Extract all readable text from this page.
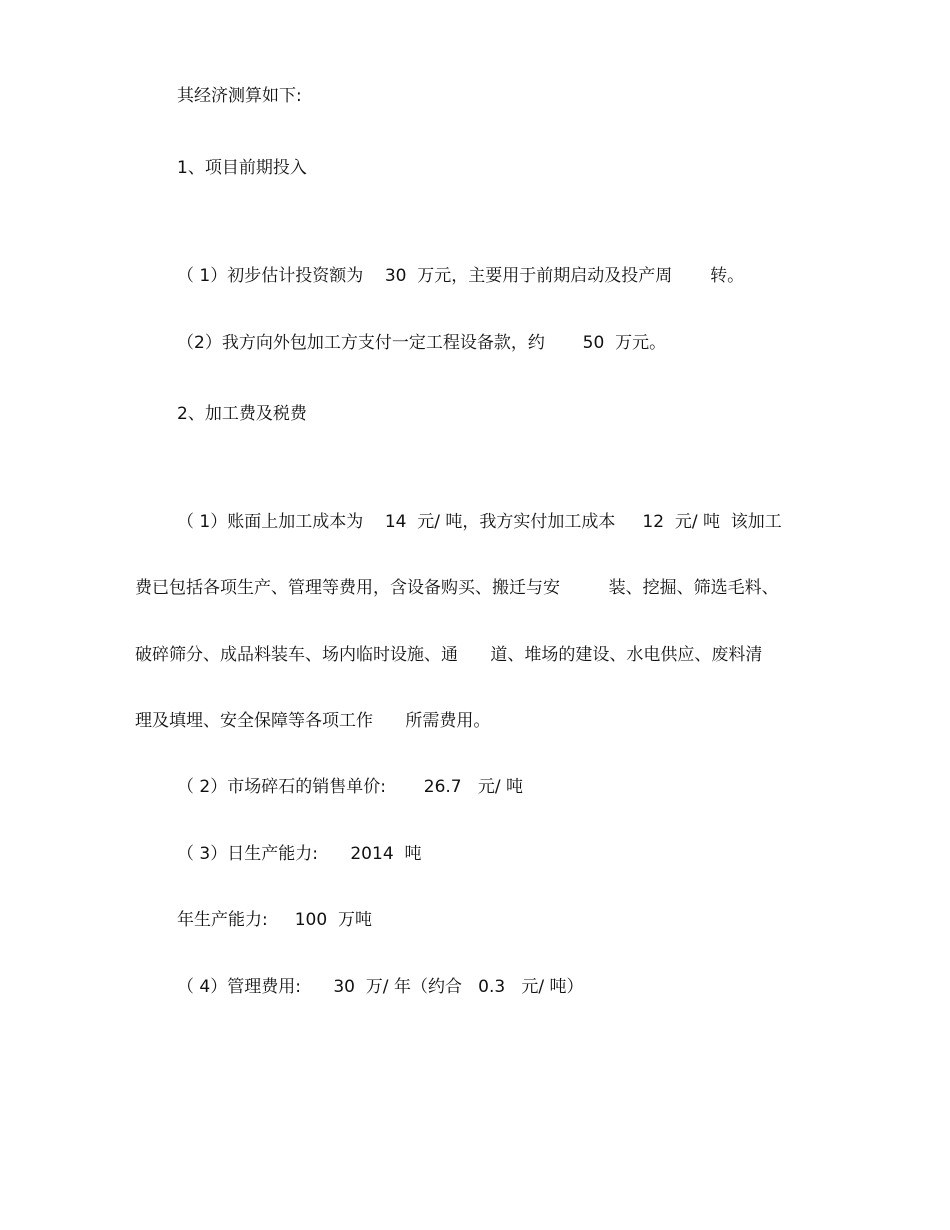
其经济测算如下:
1、项目前期投入
（ 1）初步估计投资额为    30  万元，主要用于前期启动及投产周       转。
（2）我方向外包加工方支付一定工程设备款，约       50  万元。
2、加工费及税费
（ 1）账面上加工成本为    14  元/ 吨，我方实付加工成本     12  元/ 吨  该加工
费已包括各项生产、管理等费用，含设备购买、搬迁与安         装、挖掘、筛选毛料、
破碎筛分、成品料装车、场内临时设施、通      道、堆场的建设、水电供应、废料清
理及填埋、安全保障等各项工作      所需费用。
（ 2）市场碎石的销售单价:       26.7   元/ 吨
（ 3）日生产能力:      2014  吨
年生产能力:     100  万吨
（ 4）管理费用:      30  万/ 年（约合   0.3   元/ 吨）
